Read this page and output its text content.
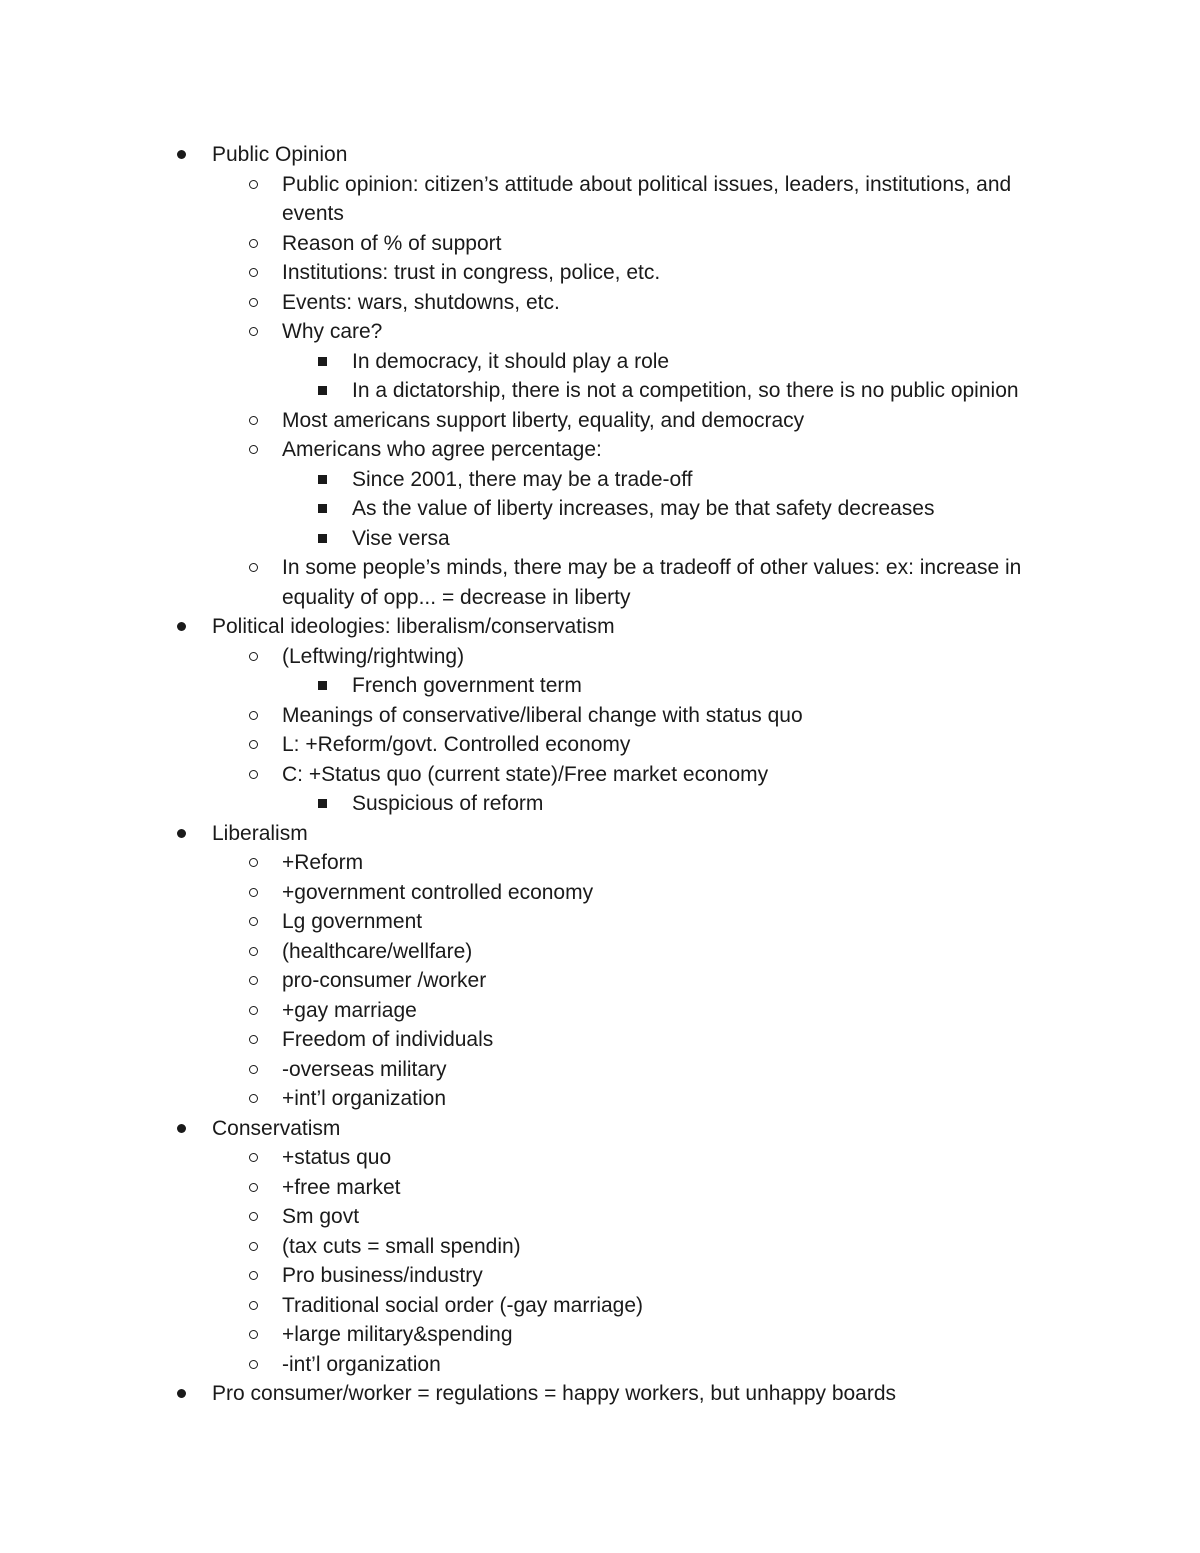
Public Opinion
Public opinion: citizen’s attitude about political issues, leaders, institutions, and events
Reason of % of support
Institutions: trust in congress, police, etc.
Events: wars, shutdowns, etc.
Why care?
In democracy, it should play a role
In a dictatorship, there is not a competition, so there is no public opinion
Most americans support liberty, equality, and democracy
Americans who agree percentage:
Since 2001, there may be a trade-off
As the value of liberty increases, may be that safety decreases
Vise versa
In some people’s minds, there may be a tradeoff of other values: ex: increase in equality of opp... = decrease in liberty
Political ideologies: liberalism/conservatism
(Leftwing/rightwing)
French government term
Meanings of conservative/liberal change with status quo
L: +Reform/govt. Controlled economy
C: +Status quo (current state)/Free market economy
Suspicious of reform
Liberalism
+Reform
+government controlled economy
Lg government
(healthcare/wellfare)
pro-consumer /worker
+gay marriage
Freedom of individuals
-overseas military
+int’l organization
Conservatism
+status quo
+free market
Sm govt
(tax cuts = small spendin)
Pro business/industry
Traditional social order (-gay marriage)
+large military&spending
-int’l organization
Pro consumer/worker = regulations = happy workers, but unhappy boards
